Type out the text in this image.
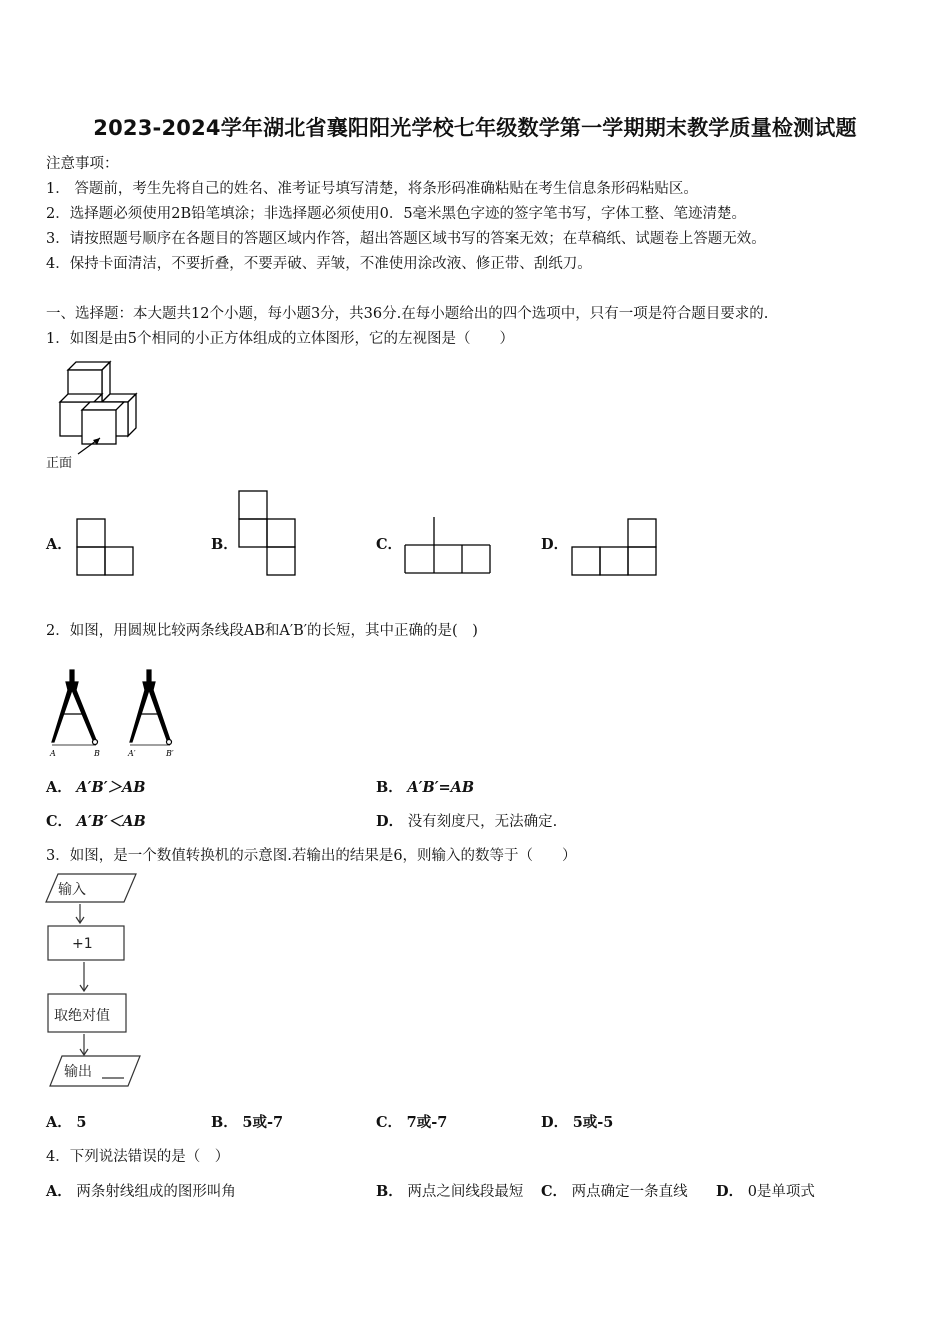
2023-2024学年湖北省襄阳阳光学校七年级数学第一学期期末教学质量检测试题
注意事项：
1． 答题前，考生先将自己的姓名、准考证号填写清楚，将条形码准确粘贴在考生信息条形码粘贴区。
2．选择题必须使用2B铅笔填涂；非选择题必须使用0．5毫米黑色字迹的签字笔书写，字体工整、笔迹清楚。
3．请按照题号顺序在各题目的答题区域内作答，超出答题区域书写的答案无效；在草稿纸、试题卷上答题无效。
4．保持卡面清洁，不要折叠，不要弄破、弄皱，不准使用涂改液、修正带、刮纸刀。
一、选择题：本大题共12个小题，每小题3分，共36分.在每小题给出的四个选项中，只有一项是符合题目要求的.
1．如图是由5个相同的小正方体组成的立体图形，它的左视图是（　　）
正面
A．	B．	C．	D．
2．如图，用圆规比较两条线段AB和A′B′的长短，其中正确的是(　)
A	B	A′	B′
A． A′B′＞AB	B． A′B′=AB
C． A′B′＜AB	D． 没有刻度尺，无法确定.
3．如图，是一个数值转换机的示意图.若输出的结果是6，则输入的数等于（　　）
输入
+1
取绝对值
输出
A． 5	B． 5或-7	C． 7或-7	D． 5或-5
4．下列说法错误的是（　）
A． 两条射线组成的图形叫角	B． 两点之间线段最短 C． 两点确定一条直线 D． 0是单项式
